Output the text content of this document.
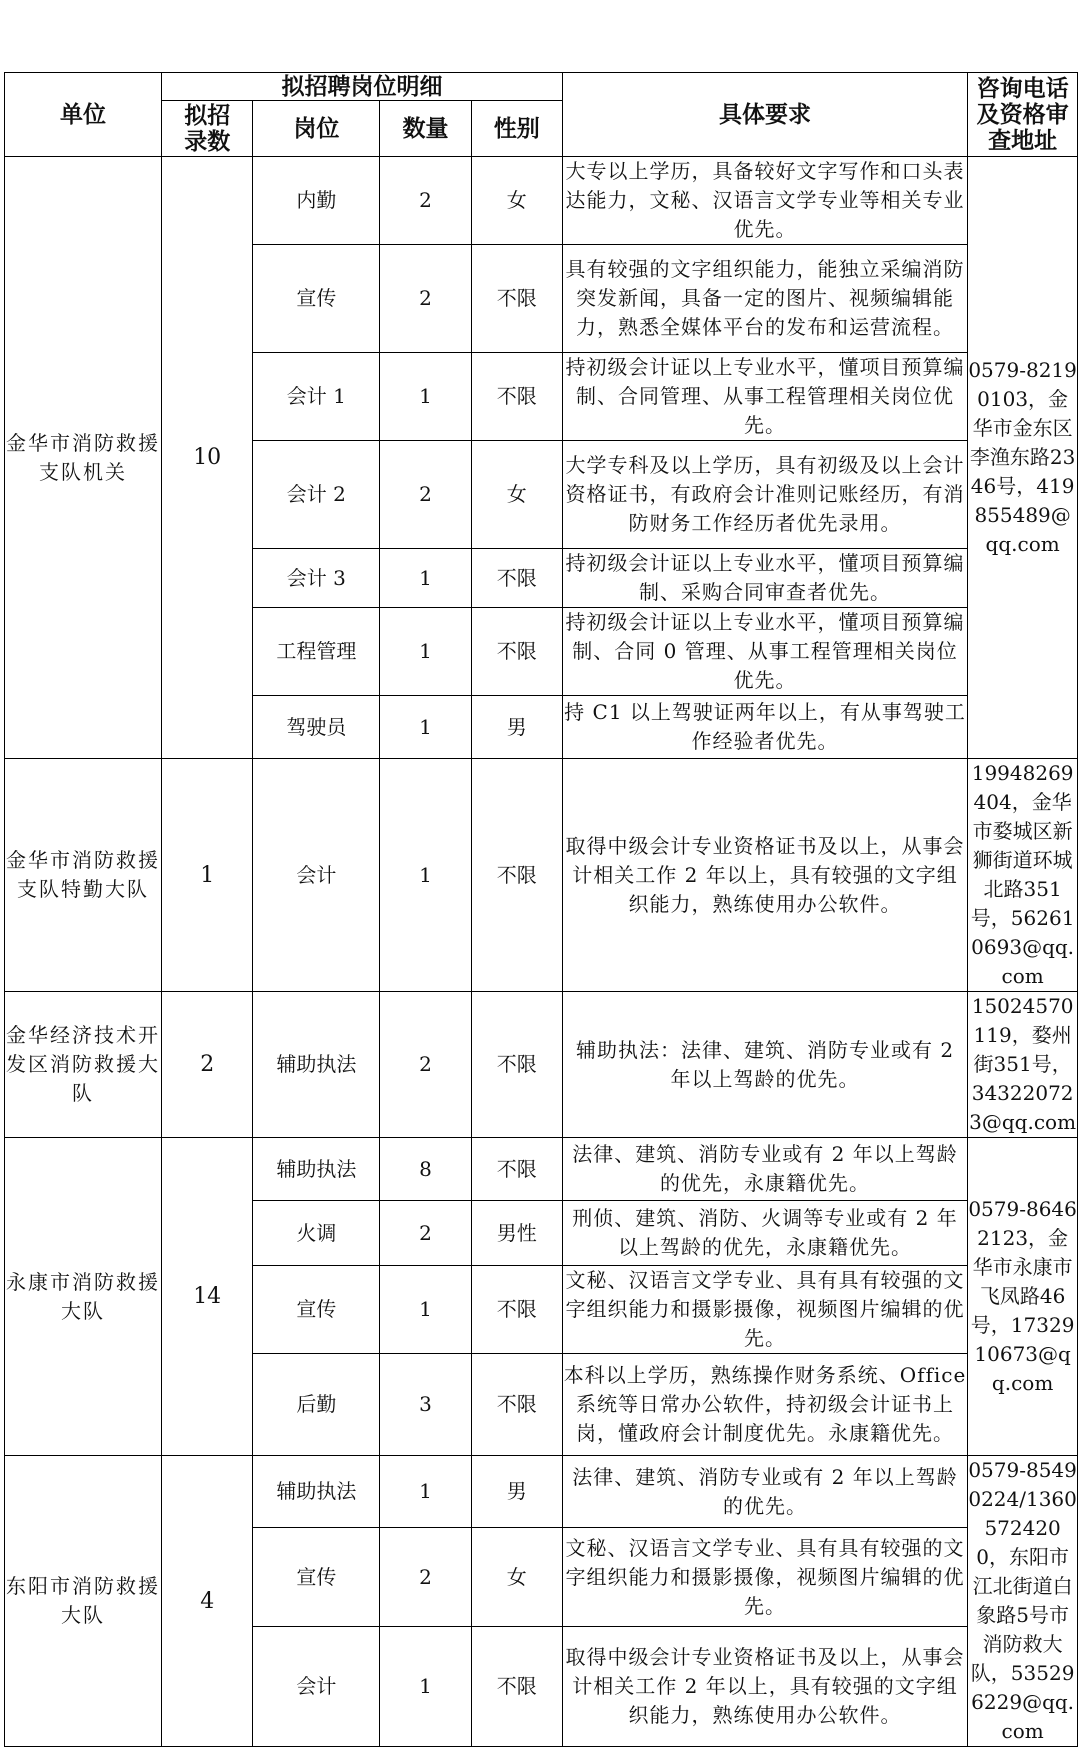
单位	拟招聘岗位明细				具体要求	咨询电话及资格审查地址
	拟招录数	岗位	数量	性别		
金华市消防救援支队机关	10	内勤	2	女	大专以上学历，具备较好文字写作和口头表达能力，文秘、汉语言文学专业等相关专业优先。	0579-82190103，金华市金东区李渔东路2346号，419855489@qq.com
		宣传	2	不限	具有较强的文字组织能力，能独立采编消防突发新闻，具备一定的图片、视频编辑能力，熟悉全媒体平台的发布和运营流程。	
		会计 1	1	不限	持初级会计证以上专业水平，懂项目预算编制、合同管理、从事工程管理相关岗位优先。	
		会计 2	2	女	大学专科及以上学历，具有初级及以上会计资格证书，有政府会计准则记账经历，有消防财务工作经历者优先录用。	
		会计 3	1	不限	持初级会计证以上专业水平，懂项目预算编制、采购合同审查者优先。	
		工程管理	1	不限	持初级会计证以上专业水平，懂项目预算编制、合同 0 管理、从事工程管理相关岗位优先。	
		驾驶员	1	男	持 C1 以上驾驶证两年以上，有从事驾驶工作经验者优先。	
金华市消防救援支队特勤大队	1	会计	1	不限	取得中级会计专业资格证书及以上，从事会计相关工作 2 年以上，具有较强的文字组织能力，熟练使用办公软件。	19948269404，金华市婺城区新狮街道环城北路351号，562610693@qq.com
金华经济技术开发区消防救援大队	2	辅助执法	2	不限	辅助执法：法律、建筑、消防专业或有 2 年以上驾龄的优先。	15024570119，婺州街351号，343220723@qq.com
永康市消防救援大队	14	辅助执法	8	不限	法律、建筑、消防专业或有 2 年以上驾龄的优先，永康籍优先。	0579-86462123，金华市永康市飞凤路46号，1732910673@qq.com
		火调	2	男性	刑侦、建筑、消防、火调等专业或有 2 年以上驾龄的优先，永康籍优先。	
		宣传	1	不限	文秘、汉语言文学专业、具有具有较强的文字组织能力和摄影摄像，视频图片编辑的优先。	
		后勤	3	不限	本科以上学历，熟练操作财务系统、Office 系统等日常办公软件，持初级会计证书上岗，懂政府会计制度优先。永康籍优先。	
东阳市消防救援大队	4	辅助执法	1	男	法律、建筑、消防专业或有 2 年以上驾龄的优先。	0579-85490224/13605724200，东阳市江北街道白象路5号市消防救大队，535296229@qq.com
		宣传	2	女	文秘、汉语言文学专业、具有具有较强的文字组织能力和摄影摄像，视频图片编辑的优先。	
		会计	1	不限	取得中级会计专业资格证书及以上，从事会计相关工作 2 年以上，具有较强的文字组织能力，熟练使用办公软件。	
